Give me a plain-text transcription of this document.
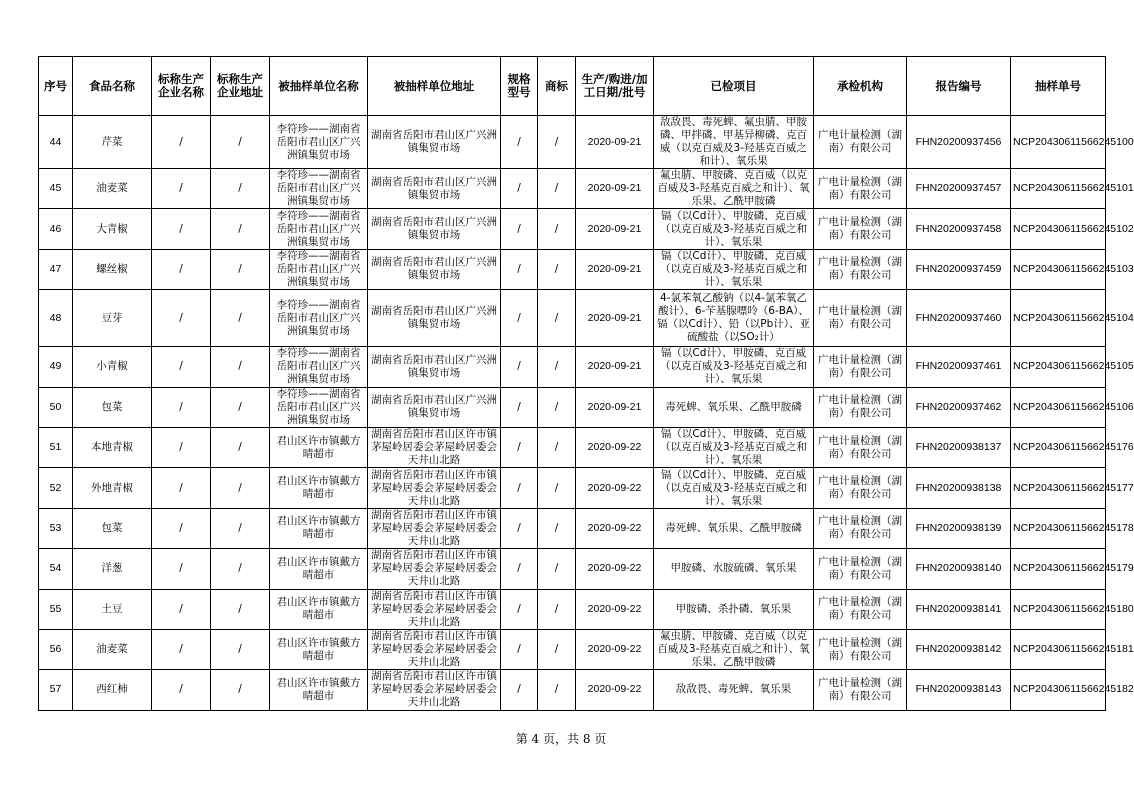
序号	食品名称	标称生产企业名称	标称生产企业地址	被抽样单位名称	被抽样单位地址	规格型号	商标	生产/购进/加工日期/批号	已检项目	承检机构	报告编号	抽样单号
44	芹菜	/	/	李符珍——湖南省岳阳市君山区广兴洲镇集贸市场	湖南省岳阳市君山区广兴洲镇集贸市场	/	/	2020-09-21	敌敌畏、毒死蜱、氟虫腈、甲胺磷、甲拌磷、甲基异柳磷、克百威（以克百威及3-羟基克百威之和计）、氧乐果	广电计量检测（湖南）有限公司	FHN20200937456	NCP20430611566245100
45	油麦菜	/	/	李符珍——湖南省岳阳市君山区广兴洲镇集贸市场	湖南省岳阳市君山区广兴洲镇集贸市场	/	/	2020-09-21	氟虫腈、甲胺磷、克百威（以克百威及3-羟基克百威之和计）、氧乐果、乙酰甲胺磷	广电计量检测（湖南）有限公司	FHN20200937457	NCP20430611566245101
46	大青椒	/	/	李符珍——湖南省岳阳市君山区广兴洲镇集贸市场	湖南省岳阳市君山区广兴洲镇集贸市场	/	/	2020-09-21	镉（以Cd计）、甲胺磷、克百威（以克百威及3-羟基克百威之和计）、氧乐果	广电计量检测（湖南）有限公司	FHN20200937458	NCP20430611566245102
47	螺丝椒	/	/	李符珍——湖南省岳阳市君山区广兴洲镇集贸市场	湖南省岳阳市君山区广兴洲镇集贸市场	/	/	2020-09-21	镉（以Cd计）、甲胺磷、克百威（以克百威及3-羟基克百威之和计）、氧乐果	广电计量检测（湖南）有限公司	FHN20200937459	NCP20430611566245103
48	豆芽	/	/	李符珍——湖南省岳阳市君山区广兴洲镇集贸市场	湖南省岳阳市君山区广兴洲镇集贸市场	/	/	2020-09-21	4-氯苯氧乙酸钠（以4-氯苯氧乙酸计）、6-苄基腺嘌呤（6-BA）、镉（以Cd计）、铅（以Pb计）、亚硫酸盐（以SO₂计）	广电计量检测（湖南）有限公司	FHN20200937460	NCP20430611566245104
49	小青椒	/	/	李符珍——湖南省岳阳市君山区广兴洲镇集贸市场	湖南省岳阳市君山区广兴洲镇集贸市场	/	/	2020-09-21	镉（以Cd计）、甲胺磷、克百威（以克百威及3-羟基克百威之和计）、氧乐果	广电计量检测（湖南）有限公司	FHN20200937461	NCP20430611566245105
50	包菜	/	/	李符珍——湖南省岳阳市君山区广兴洲镇集贸市场	湖南省岳阳市君山区广兴洲镇集贸市场	/	/	2020-09-21	毒死蜱、氧乐果、乙酰甲胺磷	广电计量检测（湖南）有限公司	FHN20200937462	NCP20430611566245106
51	本地青椒	/	/	君山区许市镇戴方晴超市	湖南省岳阳市君山区许市镇茅屋岭居委会茅屋岭居委会天井山北路	/	/	2020-09-22	镉（以Cd计）、甲胺磷、克百威（以克百威及3-羟基克百威之和计）、氧乐果	广电计量检测（湖南）有限公司	FHN20200938137	NCP20430611566245176
52	外地青椒	/	/	君山区许市镇戴方晴超市	湖南省岳阳市君山区许市镇茅屋岭居委会茅屋岭居委会天井山北路	/	/	2020-09-22	镉（以Cd计）、甲胺磷、克百威（以克百威及3-羟基克百威之和计）、氧乐果	广电计量检测（湖南）有限公司	FHN20200938138	NCP20430611566245177
53	包菜	/	/	君山区许市镇戴方晴超市	湖南省岳阳市君山区许市镇茅屋岭居委会茅屋岭居委会天井山北路	/	/	2020-09-22	毒死蜱、氧乐果、乙酰甲胺磷	广电计量检测（湖南）有限公司	FHN20200938139	NCP20430611566245178
54	洋葱	/	/	君山区许市镇戴方晴超市	湖南省岳阳市君山区许市镇茅屋岭居委会茅屋岭居委会天井山北路	/	/	2020-09-22	甲胺磷、水胺硫磷、氧乐果	广电计量检测（湖南）有限公司	FHN20200938140	NCP20430611566245179
55	土豆	/	/	君山区许市镇戴方晴超市	湖南省岳阳市君山区许市镇茅屋岭居委会茅屋岭居委会天井山北路	/	/	2020-09-22	甲胺磷、杀扑磷、氧乐果	广电计量检测（湖南）有限公司	FHN20200938141	NCP20430611566245180
56	油麦菜	/	/	君山区许市镇戴方晴超市	湖南省岳阳市君山区许市镇茅屋岭居委会茅屋岭居委会天井山北路	/	/	2020-09-22	氟虫腈、甲胺磷、克百威（以克百威及3-羟基克百威之和计）、氧乐果、乙酰甲胺磷	广电计量检测（湖南）有限公司	FHN20200938142	NCP20430611566245181
57	西红柿	/	/	君山区许市镇戴方晴超市	湖南省岳阳市君山区许市镇茅屋岭居委会茅屋岭居委会天井山北路	/	/	2020-09-22	敌敌畏、毒死蜱、氧乐果	广电计量检测（湖南）有限公司	FHN20200938143	NCP20430611566245182
第 4 页，共 8 页
